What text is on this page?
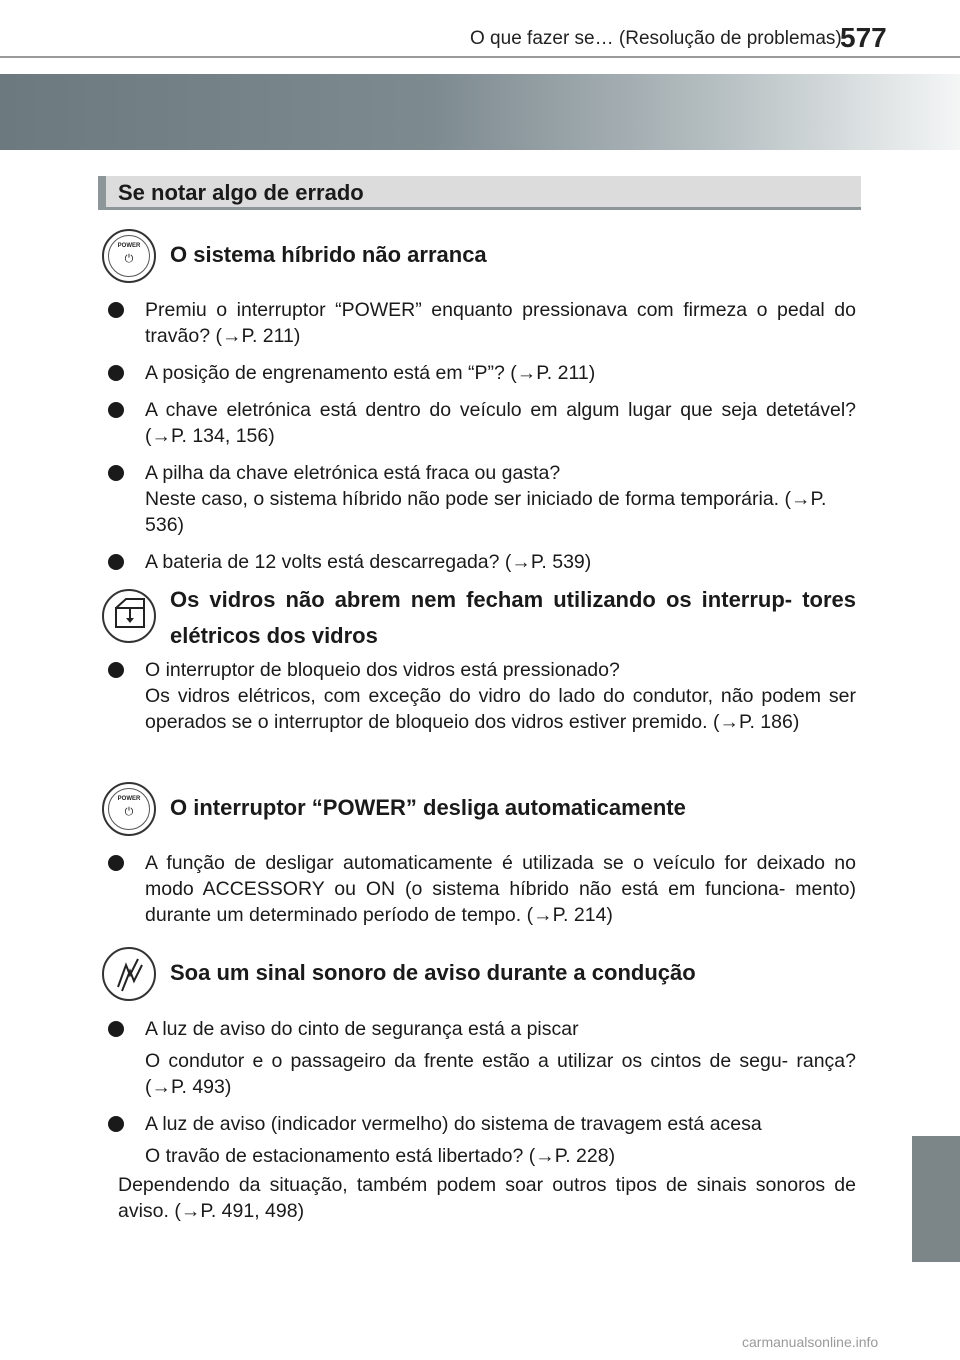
O que fazer se… (Resolução de problemas)
577
Se notar algo de errado
POWER
⏻	O sistema híbrido não arranca
Premiu o interruptor “POWER” enquanto pressionava com firmeza o pedal do travão? (→P. 211)
A posição de engrenamento está em “P”? (→P. 211)
A chave eletrónica está dentro do veículo em algum lugar que seja detetável? (→P. 134, 156)
A pilha da chave eletrónica está fraca ou gasta?
Neste caso, o sistema híbrido não pode ser iniciado de forma temporária. (→P. 536)
A bateria de 12 volts está descarregada? (→P. 539)
Os vidros não abrem nem fecham utilizando os interrup- tores elétricos dos vidros
O interruptor de bloqueio dos vidros está pressionado?
Os vidros elétricos, com exceção do vidro do lado do condutor, não podem ser operados se o interruptor de bloqueio dos vidros estiver premido. (→P. 186)
POWER
⏻	O interruptor “POWER” desliga automaticamente
A função de desligar automaticamente é utilizada se o veículo for deixado no modo ACCESSORY ou ON (o sistema híbrido não está em funciona- mento) durante um determinado período de tempo. (→P. 214)
Soa um sinal sonoro de aviso durante a condução
A luz de aviso do cinto de segurança está a piscar
O condutor e o passageiro da frente estão a utilizar os cintos de segu- rança? (→P. 493)
A luz de aviso (indicador vermelho) do sistema de travagem está acesa
O travão de estacionamento está libertado? (→P. 228)
Dependendo da situação, também podem soar outros tipos de sinais sonoros de aviso. (→P. 491, 498)
carmanualsonline.info
